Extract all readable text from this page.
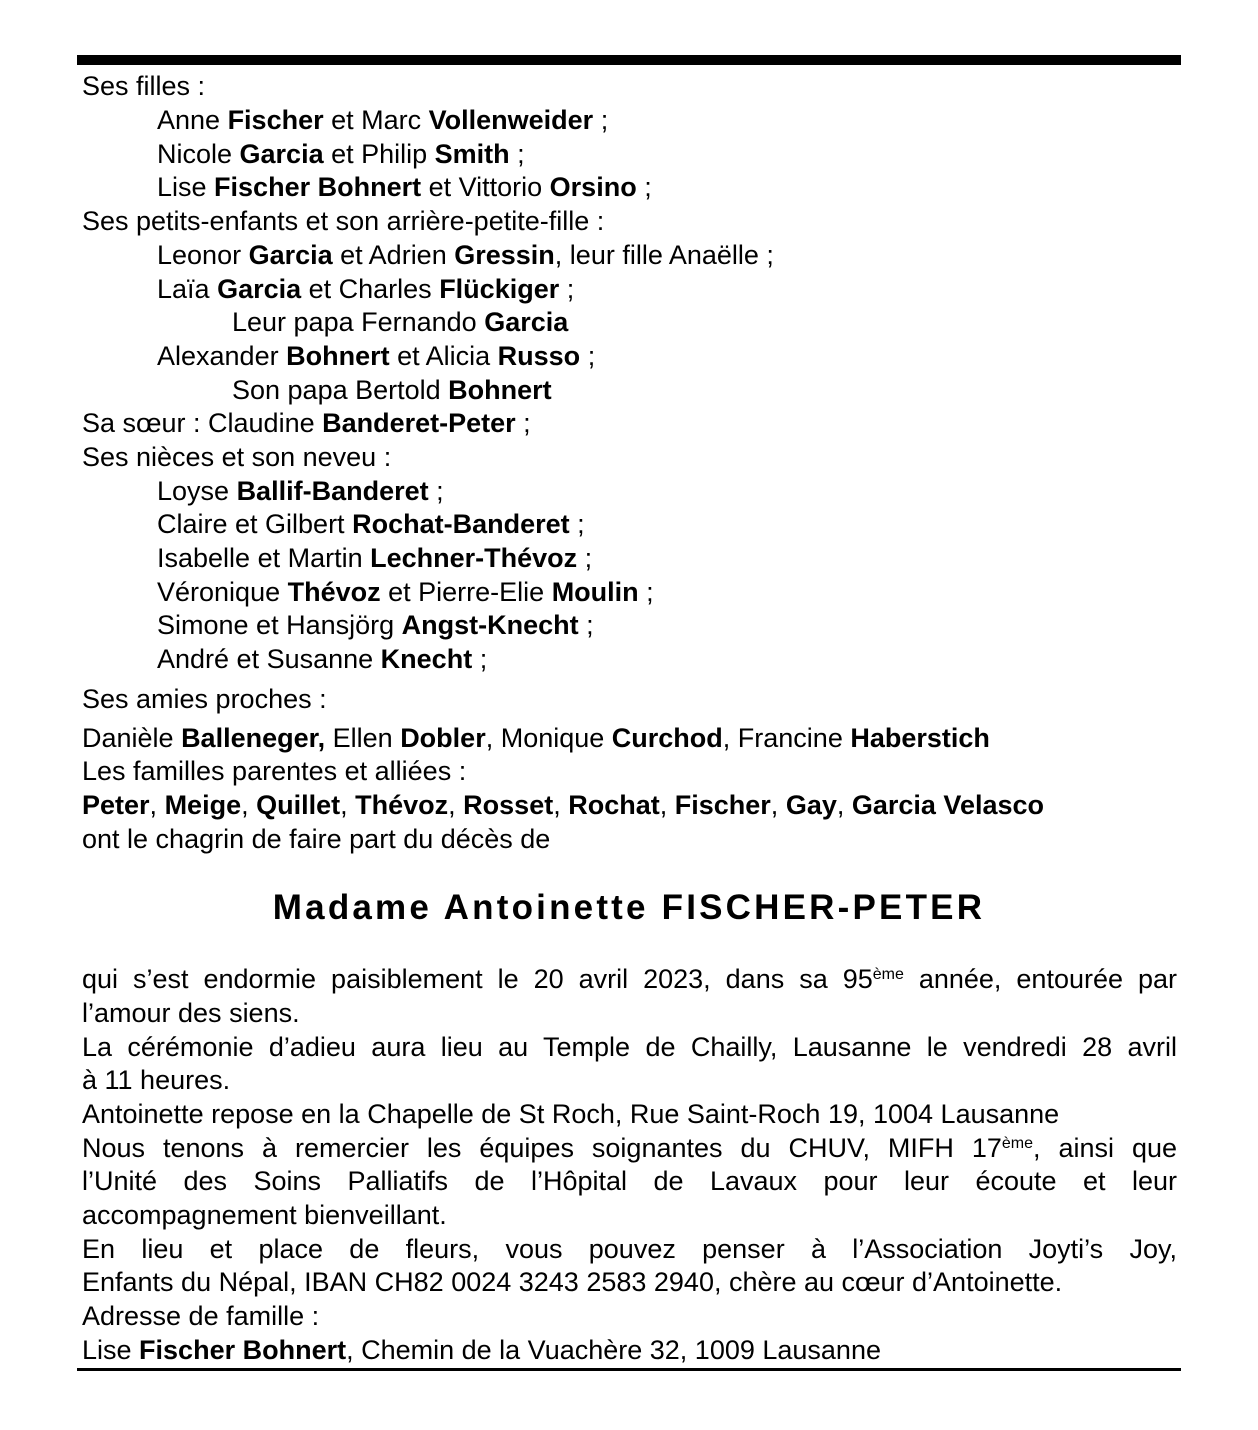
Ses filles :
Anne Fischer et Marc Vollenweider ;
Nicole Garcia et Philip Smith ;
Lise Fischer Bohnert et Vittorio Orsino ;
Ses petits-enfants et son arrière-petite-fille :
Leonor Garcia et Adrien Gressin, leur fille Anaëlle ;
Laïa Garcia et Charles Flückiger ;
Leur papa Fernando Garcia
Alexander Bohnert et Alicia Russo ;
Son papa Bertold Bohnert
Sa sœur : Claudine Banderet-Peter ;
Ses nièces et son neveu :
Loyse Ballif-Banderet ;
Claire et Gilbert Rochat-Banderet ;
Isabelle et Martin Lechner-Thévoz ;
Véronique Thévoz et Pierre-Elie Moulin ;
Simone et Hansjörg Angst-Knecht ;
André et Susanne Knecht ;
Ses amies proches :
Danièle Balleneger, Ellen Dobler, Monique Curchod, Francine Haberstich
Les familles parentes et alliées :
Peter, Meige, Quillet, Thévoz, Rosset, Rochat, Fischer, Gay, Garcia Velasco
ont le chagrin de faire part du décès de
Madame Antoinette FISCHER-PETER
qui s’est endormie paisiblement le 20 avril 2023, dans sa 95ème année, entourée par
l’amour des siens.
La cérémonie d’adieu aura lieu au Temple de Chailly, Lausanne le vendredi 28 avril
à 11 heures.
Antoinette repose en la Chapelle de St Roch, Rue Saint-Roch 19, 1004 Lausanne
Nous tenons à remercier les équipes soignantes du CHUV, MIFH 17ème, ainsi que
l’Unité des Soins Palliatifs de l’Hôpital de Lavaux pour leur écoute et leur
accompagnement bienveillant.
En lieu et place de fleurs, vous pouvez penser à l’Association Joyti’s Joy,
Enfants du Népal, IBAN CH82 0024 3243 2583 2940, chère au cœur d’Antoinette.
Adresse de famille :
Lise Fischer Bohnert, Chemin de la Vuachère 32, 1009 Lausanne
